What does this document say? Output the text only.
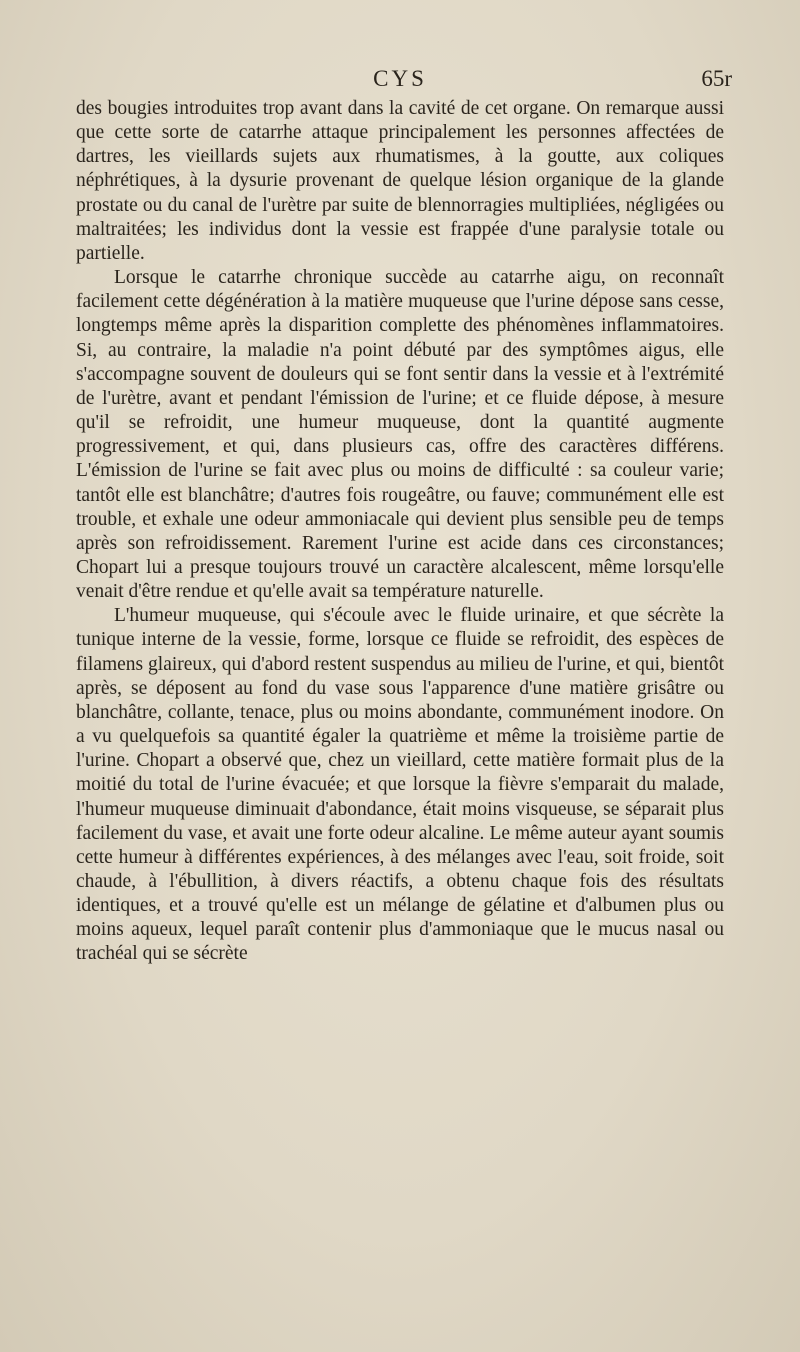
CYS	65r

des bougies introduites trop avant dans la cavité de cet organe. On remarque aussi que cette sorte de catarrhe attaque principalement les personnes affectées de dartres, les vieillards sujets aux rhumatismes, à la goutte, aux coliques néphrétiques, à la dysurie provenant de quelque lésion organique de la glande prostate ou du canal de l'urètre par suite de blennorragies multipliées, négligées ou maltraitées; les individus dont la vessie est frappée d'une paralysie totale ou partielle.

Lorsque le catarrhe chronique succède au catarrhe aigu, on reconnaît facilement cette dégénération à la matière muqueuse que l'urine dépose sans cesse, longtemps même après la disparition complette des phénomènes inflammatoires. Si, au contraire, la maladie n'a point débuté par des symptômes aigus, elle s'accompagne souvent de douleurs qui se font sentir dans la vessie et à l'extrémité de l'urètre, avant et pendant l'émission de l'urine; et ce fluide dépose, à mesure qu'il se refroidit, une humeur muqueuse, dont la quantité augmente progressivement, et qui, dans plusieurs cas, offre des caractères différens. L'émission de l'urine se fait avec plus ou moins de difficulté : sa couleur varie; tantôt elle est blanchâtre; d'autres fois rougeâtre, ou fauve; communément elle est trouble, et exhale une odeur ammoniacale qui devient plus sensible peu de temps après son refroidissement. Rarement l'urine est acide dans ces circonstances; Chopart lui a presque toujours trouvé un caractère alcalescent, même lorsqu'elle venait d'être rendue et qu'elle avait sa température naturelle.

L'humeur muqueuse, qui s'écoule avec le fluide urinaire, et que sécrète la tunique interne de la vessie, forme, lorsque ce fluide se refroidit, des espèces de filamens glaireux, qui d'abord restent suspendus au milieu de l'urine, et qui, bientôt après, se déposent au fond du vase sous l'apparence d'une matière grisâtre ou blanchâtre, collante, tenace, plus ou moins abondante, communément inodore. On a vu quelquefois sa quantité égaler la quatrième et même la troisième partie de l'urine. Chopart a observé que, chez un vieillard, cette matière formait plus de la moitié du total de l'urine évacuée; et que lorsque la fièvre s'emparait du malade, l'humeur muqueuse diminuait d'abondance, était moins visqueuse, se séparait plus facilement du vase, et avait une forte odeur alcaline. Le même auteur ayant soumis cette humeur à différentes expériences, à des mélanges avec l'eau, soit froide, soit chaude, à l'ébullition, à divers réactifs, a obtenu chaque fois des résultats identiques, et a trouvé qu'elle est un mélange de gélatine et d'albumen plus ou moins aqueux, lequel paraît contenir plus d'ammoniaque que le mucus nasal ou trachéal qui se sécrète
